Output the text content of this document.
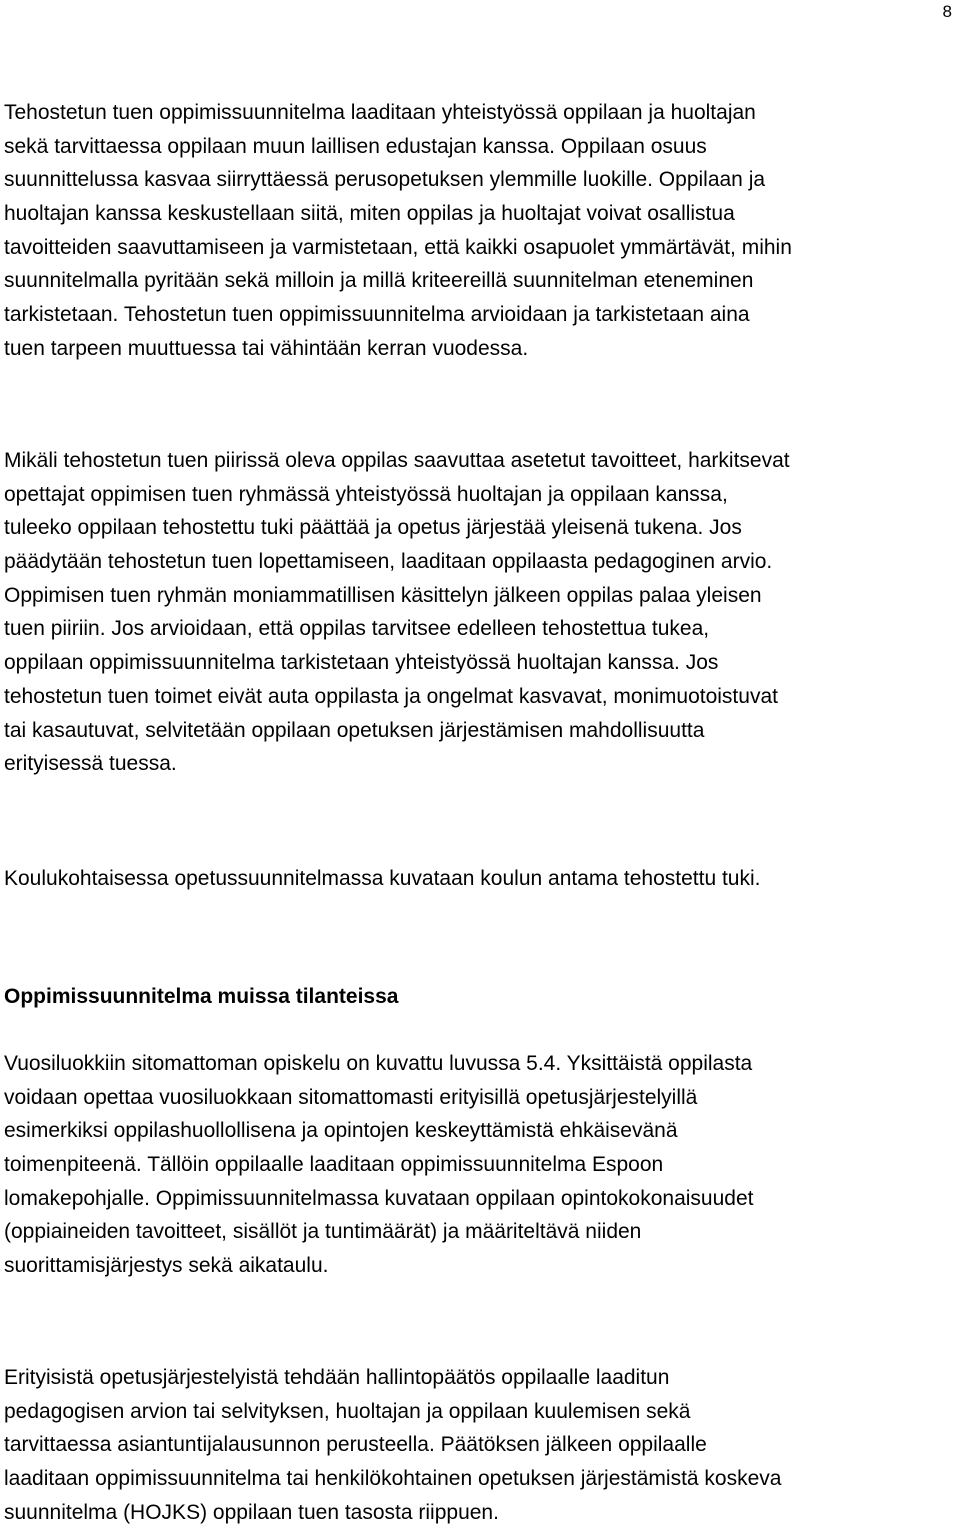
8
Tehostetun tuen oppimissuunnitelma laaditaan yhteistyössä oppilaan ja huoltajan
sekä tarvittaessa oppilaan muun laillisen edustajan kanssa. Oppilaan osuus
suunnittelussa kasvaa siirryttäessä perusopetuksen ylemmille luokille. Oppilaan ja
huoltajan kanssa keskustellaan siitä, miten oppilas ja huoltajat voivat osallistua
tavoitteiden saavuttamiseen ja varmistetaan, että kaikki osapuolet ymmärtävät, mihin
suunnitelmalla pyritään sekä milloin ja millä kriteereillä suunnitelman eteneminen
tarkistetaan. Tehostetun tuen oppimissuunnitelma arvioidaan ja tarkistetaan aina
tuen tarpeen muuttuessa tai vähintään kerran vuodessa.
Mikäli tehostetun tuen piirissä oleva oppilas saavuttaa asetetut tavoitteet, harkitsevat
opettajat oppimisen tuen ryhmässä yhteistyössä huoltajan ja oppilaan kanssa,
tuleeko oppilaan tehostettu tuki päättää ja opetus järjestää yleisenä tukena. Jos
päädytään tehostetun tuen lopettamiseen, laaditaan oppilaasta pedagoginen arvio.
Oppimisen tuen ryhmän moniammatillisen käsittelyn jälkeen oppilas palaa yleisen
tuen piiriin. Jos arvioidaan, että oppilas tarvitsee edelleen tehostettua tukea,
oppilaan oppimissuunnitelma tarkistetaan yhteistyössä huoltajan kanssa. Jos
tehostetun tuen toimet eivät auta oppilasta ja ongelmat kasvavat, monimuotoistuvat
tai kasautuvat, selvitetään oppilaan opetuksen järjestämisen mahdollisuutta
erityisessä tuessa.
Koulukohtaisessa opetussuunnitelmassa kuvataan koulun antama tehostettu tuki.
Oppimissuunnitelma muissa tilanteissa
Vuosiluokkiin sitomattoman opiskelu on kuvattu luvussa 5.4. Yksittäistä oppilasta
voidaan opettaa vuosiluokkaan sitomattomasti erityisillä opetusjärjestelyillä
esimerkiksi oppilashuollollisena ja opintojen keskeyttämistä ehkäisevänä
toimenpiteenä. Tällöin oppilaalle laaditaan oppimissuunnitelma Espoon
lomakepohjalle. Oppimissuunnitelmassa kuvataan oppilaan opintokokonaisuudet
(oppiaineiden tavoitteet, sisällöt ja tuntimäärät) ja määriteltävä niiden
suorittamisjärjestys sekä aikataulu.
Erityisistä opetusjärjestelyistä tehdään hallintopäätös oppilaalle laaditun
pedagogisen arvion tai selvityksen, huoltajan ja oppilaan kuulemisen sekä
tarvittaessa asiantuntijalausunnon perusteella. Päätöksen jälkeen oppilaalle
laaditaan oppimissuunnitelma tai henkilökohtainen opetuksen järjestämistä koskeva
suunnitelma (HOJKS) oppilaan tuen tasosta riippuen.
